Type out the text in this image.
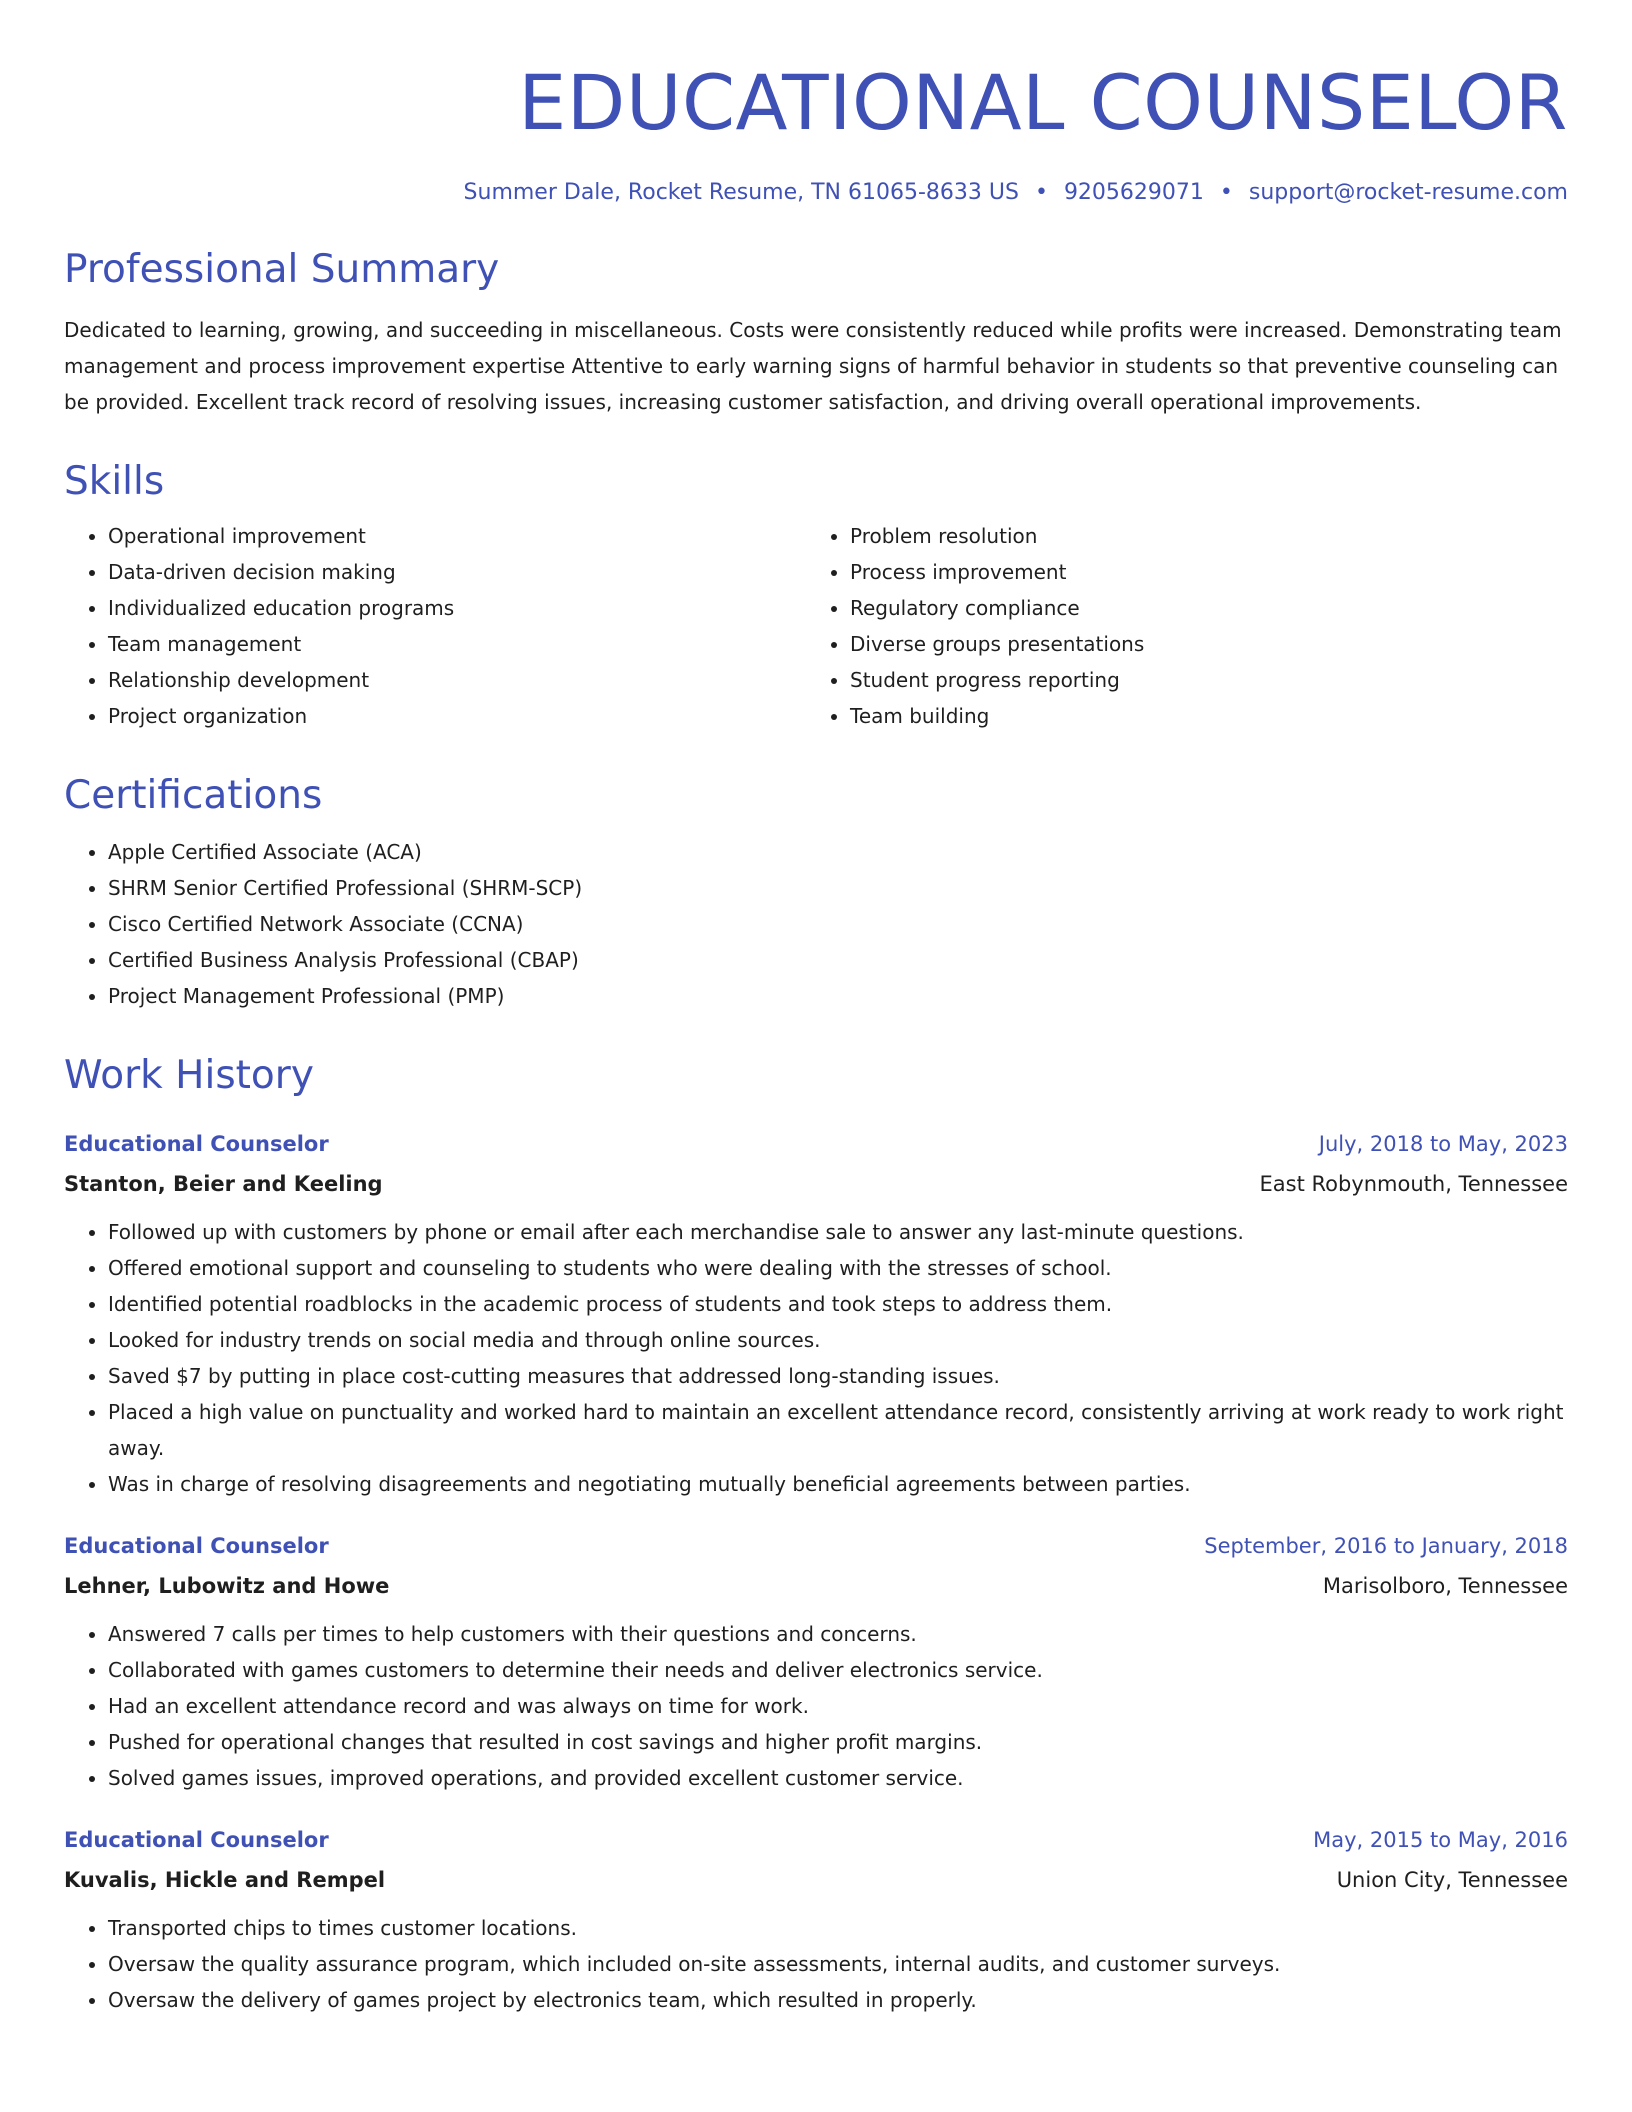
EDUCATIONAL COUNSELOR
Summer Dale, Rocket Resume, TN 61065-8633 US • 9205629071 • support@rocket-resume.com
Professional Summary
Dedicated to learning, growing, and succeeding in miscellaneous. Costs were consistently reduced while profits were increased. Demonstrating team management and process improvement expertise Attentive to early warning signs of harmful behavior in students so that preventive counseling can be provided. Excellent track record of resolving issues, increasing customer satisfaction, and driving overall operational improvements.
Skills
• Operational improvement
• Data-driven decision making
• Individualized education programs
• Team management
• Relationship development
• Project organization
• Problem resolution
• Process improvement
• Regulatory compliance
• Diverse groups presentations
• Student progress reporting
• Team building
Certifications
• Apple Certified Associate (ACA)
• SHRM Senior Certified Professional (SHRM-SCP)
• Cisco Certified Network Associate (CCNA)
• Certified Business Analysis Professional (CBAP)
• Project Management Professional (PMP)
Work History
Educational Counselor	July, 2018 to May, 2023
Stanton, Beier and Keeling	East Robynmouth, Tennessee
• Followed up with customers by phone or email after each merchandise sale to answer any last-minute questions.
• Offered emotional support and counseling to students who were dealing with the stresses of school.
• Identified potential roadblocks in the academic process of students and took steps to address them.
• Looked for industry trends on social media and through online sources.
• Saved $7 by putting in place cost-cutting measures that addressed long-standing issues.
• Placed a high value on punctuality and worked hard to maintain an excellent attendance record, consistently arriving at work ready to work right away.
• Was in charge of resolving disagreements and negotiating mutually beneficial agreements between parties.
Educational Counselor	September, 2016 to January, 2018
Lehner, Lubowitz and Howe	Marisolboro, Tennessee
• Answered 7 calls per times to help customers with their questions and concerns.
• Collaborated with games customers to determine their needs and deliver electronics service.
• Had an excellent attendance record and was always on time for work.
• Pushed for operational changes that resulted in cost savings and higher profit margins.
• Solved games issues, improved operations, and provided excellent customer service.
Educational Counselor	May, 2015 to May, 2016
Kuvalis, Hickle and Rempel	Union City, Tennessee
• Transported chips to times customer locations.
• Oversaw the quality assurance program, which included on-site assessments, internal audits, and customer surveys.
• Oversaw the delivery of games project by electronics team, which resulted in properly.
